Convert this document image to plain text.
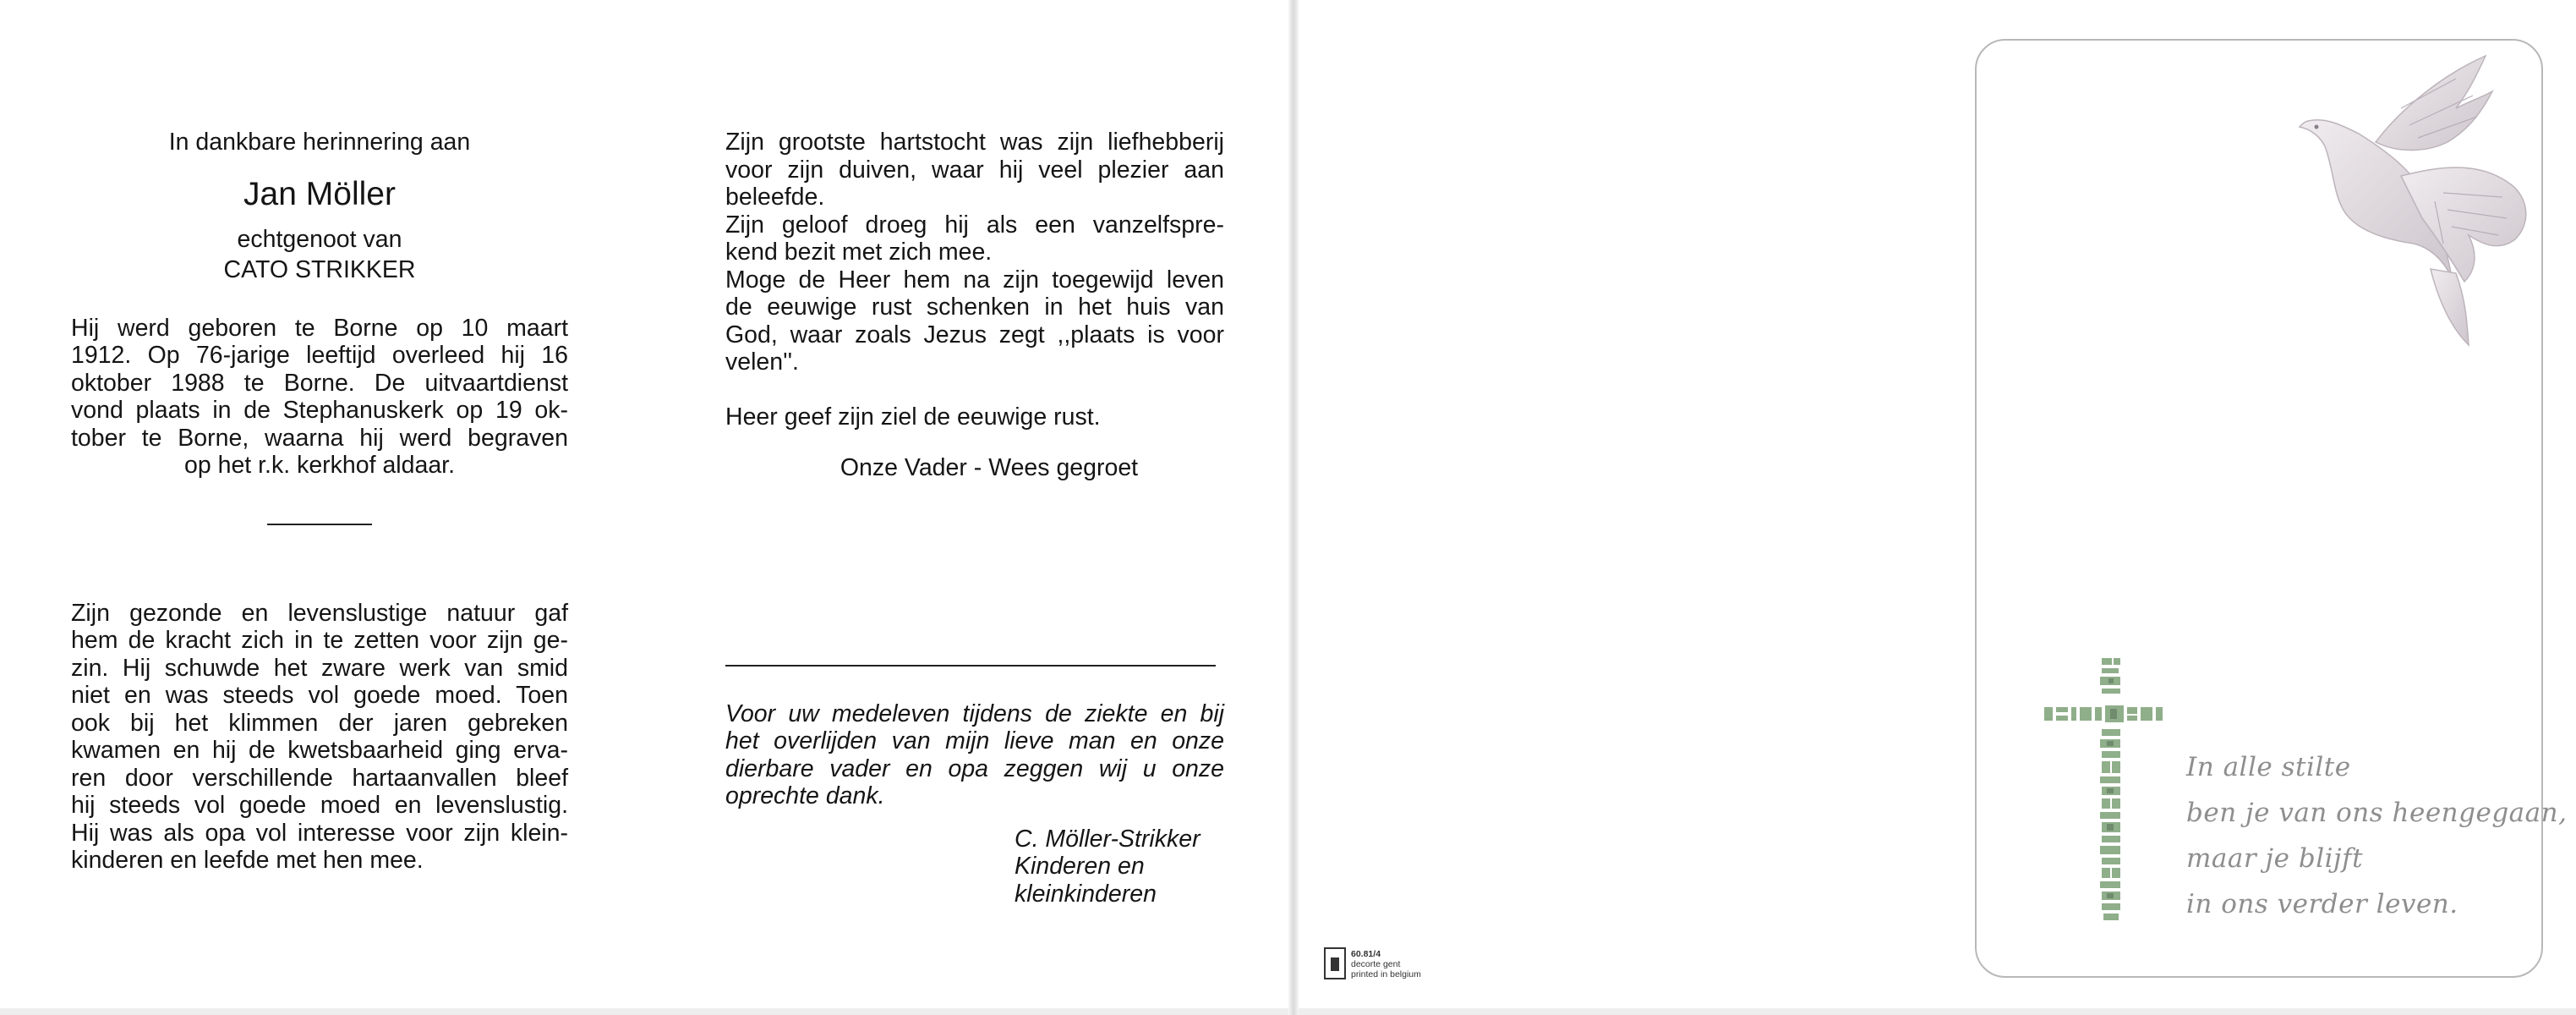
In dankbare herinnering aan
Jan Möller
echtgenoot van
CATO STRIKKER
Hij werd geboren te Borne op 10 maart
1912. Op 76-jarige leeftijd overleed hij 16
oktober 1988 te Borne. De uitvaartdienst
vond plaats in de Stephanuskerk op 19 ok-
tober te Borne, waarna hij werd begraven
op het r.k. kerkhof aldaar.
Zijn gezonde en levenslustige natuur gaf
hem de kracht zich in te zetten voor zijn ge-
zin. Hij schuwde het zware werk van smid
niet en was steeds vol goede moed. Toen
ook bij het klimmen der jaren gebreken
kwamen en hij de kwetsbaarheid ging erva-
ren door verschillende hartaanvallen bleef
hij steeds vol goede moed en levenslustig.
Hij was als opa vol interesse voor zijn klein-
kinderen en leefde met hen mee.
Zijn grootste hartstocht was zijn liefhebberij
voor zijn duiven, waar hij veel plezier aan
beleefde.
Zijn geloof droeg hij als een vanzelfspre-
kend bezit met zich mee.
Moge de Heer hem na zijn toegewijd leven
de eeuwige rust schenken in het huis van
God, waar zoals Jezus zegt ,,plaats is voor
velen''.
Heer geef zijn ziel de eeuwige rust.
Onze Vader - Wees gegroet
Voor uw medeleven tijdens de ziekte en bij
het overlijden van mijn lieve man en onze
dierbare vader en opa zeggen wij u onze
oprechte dank.
C. Möller-Strikker
Kinderen en
kleinkinderen
60.81/4
decorte gent
printed in belgium
In alle stilte
ben je van ons heengegaan,
maar je blijft
in ons verder leven.
